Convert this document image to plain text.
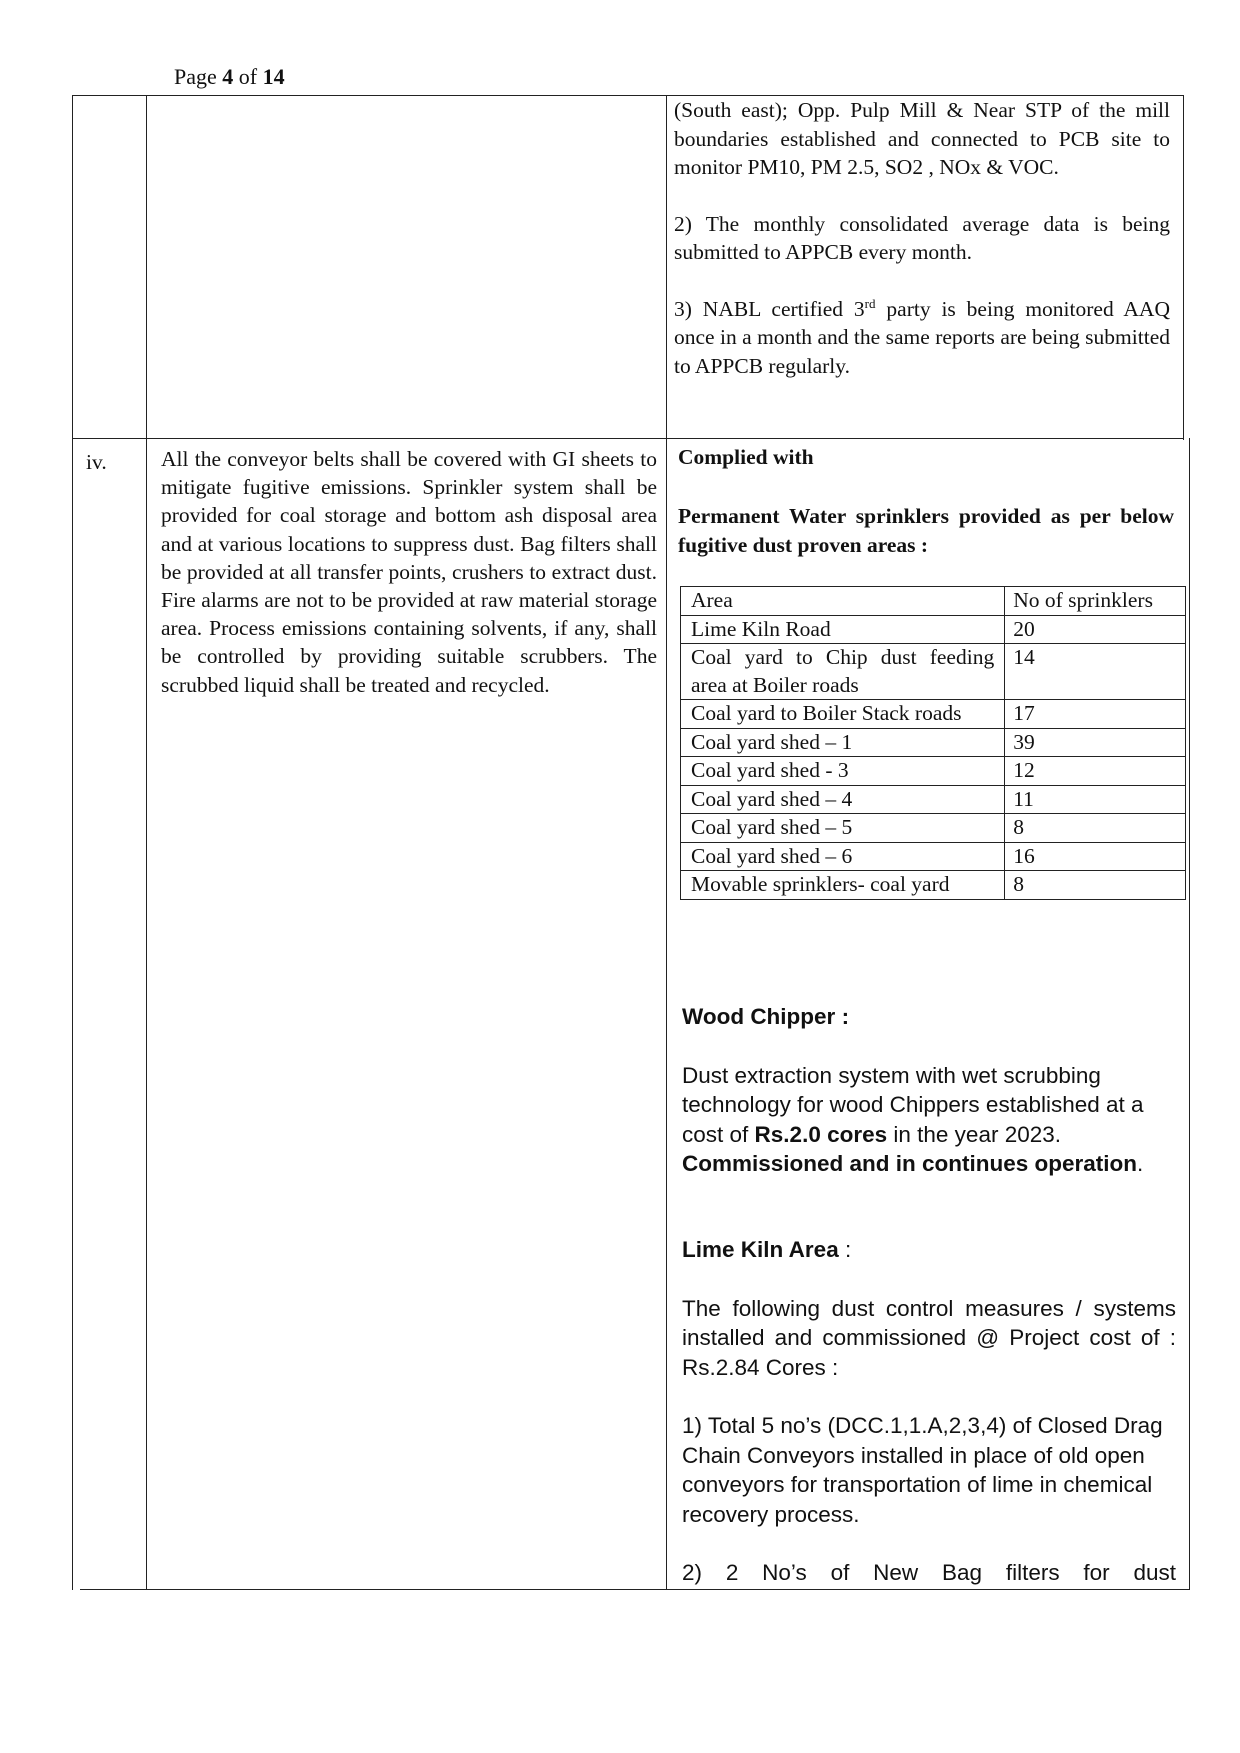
Page 4 of 14

(South east); Opp. Pulp Mill & Near STP of the mill boundaries established and connected to PCB site to monitor PM10, PM 2.5, SO2 , NOx & VOC.

2) The monthly consolidated average data is being submitted to APPCB every month.

3) NABL certified 3rd party is being monitored AAQ once in a month and the same reports are being submitted to APPCB regularly.

iv.	All the conveyor belts shall be covered with GI sheets to mitigate fugitive emissions. Sprinkler system shall be provided for coal storage and bottom ash disposal area and at various locations to suppress dust. Bag filters shall be provided at all transfer points, crushers to extract dust. Fire alarms are not to be provided at raw material storage area. Process emissions containing solvents, if any, shall be controlled by providing suitable scrubbers. The scrubbed liquid shall be treated and recycled.
Complied with
Permanent Water sprinklers provided as per below fugitive dust proven areas :
Area	No of sprinklers
Lime Kiln Road	20
Coal yard to Chip dust feeding area at Boiler roads	14
Coal yard to Boiler Stack roads	17
Coal yard shed – 1	39
Coal yard shed - 3	12
Coal yard shed – 4	11
Coal yard shed – 5	8
Coal yard shed – 6	16
Movable sprinklers- coal yard	8

Wood Chipper :

Dust extraction system with wet scrubbing technology for wood Chippers established at a cost of Rs.2.0 cores in the year 2023.
Commissioned and in continues operation.

Lime Kiln Area :

The following dust control measures / systems installed and commissioned @ Project cost of : Rs.2.84 Cores :

1) Total 5 no’s (DCC.1,1.A,2,3,4) of Closed Drag Chain Conveyors installed in place of old open conveyors for transportation of lime in chemical recovery process.

2) 2 No’s of New Bag filters for dust
